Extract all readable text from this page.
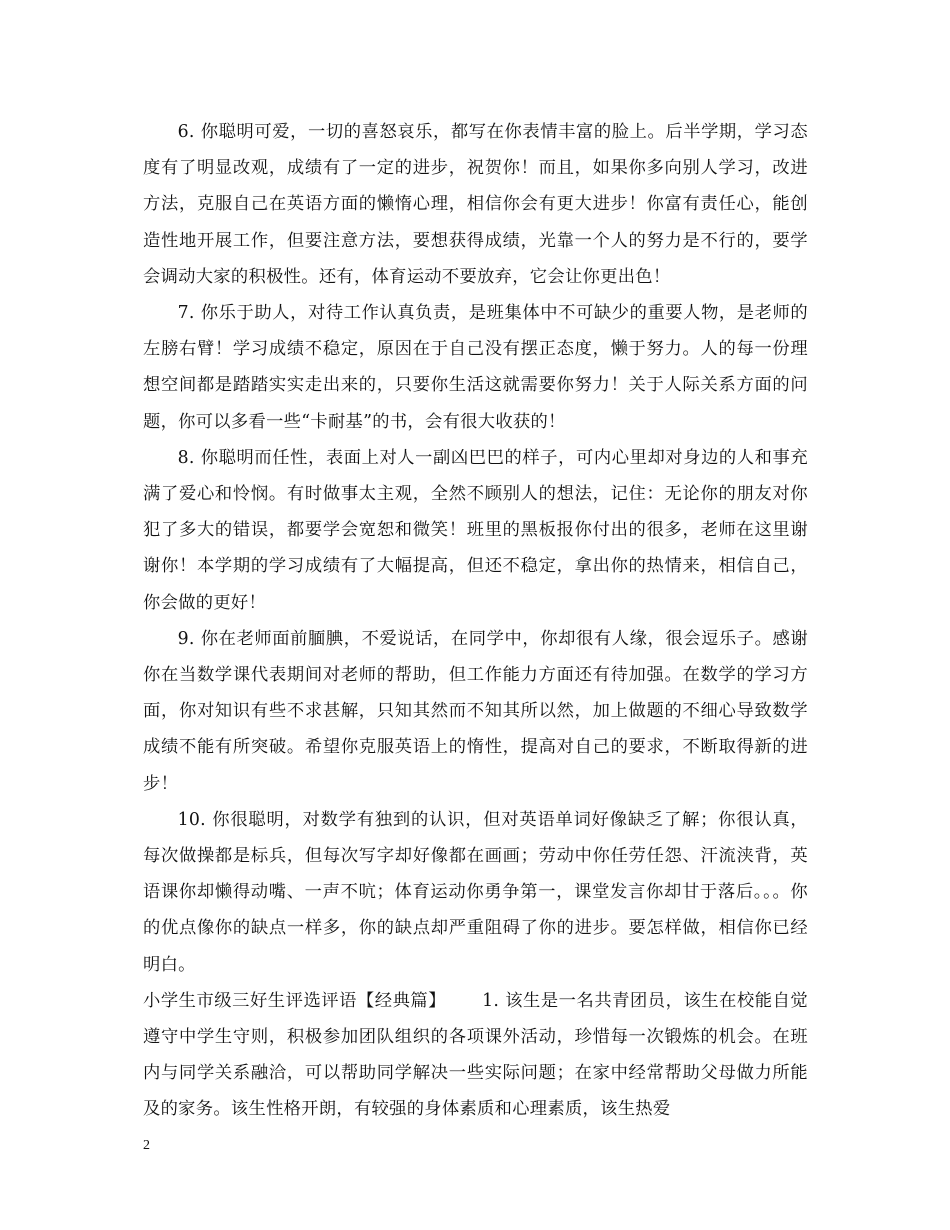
6. 你聪明可爱，一切的喜怒哀乐，都写在你表情丰富的脸上。后半学期，学习态度有了明显改观，成绩有了一定的进步，祝贺你！而且，如果你多向别人学习，改进方法，克服自己在英语方面的懒惰心理，相信你会有更大进步！你富有责任心，能创造性地开展工作，但要注意方法，要想获得成绩，光靠一个人的努力是不行的，要学会调动大家的积极性。还有，体育运动不要放弃，它会让你更出色！

7. 你乐于助人，对待工作认真负责，是班集体中不可缺少的重要人物，是老师的左膀右臂！学习成绩不稳定，原因在于自己没有摆正态度，懒于努力。人的每一份理想空间都是踏踏实实走出来的，只要你生活这就需要你努力！关于人际关系方面的问题，你可以多看一些“卡耐基”的书，会有很大收获的！

8. 你聪明而任性，表面上对人一副凶巴巴的样子，可内心里却对身边的人和事充满了爱心和怜悯。有时做事太主观，全然不顾别人的想法，记住：无论你的朋友对你犯了多大的错误，都要学会宽恕和微笑！班里的黑板报你付出的很多，老师在这里谢谢你！本学期的学习成绩有了大幅提高，但还不稳定，拿出你的热情来，相信自己，你会做的更好！

9. 你在老师面前腼腆，不爱说话，在同学中，你却很有人缘，很会逗乐子。感谢你在当数学课代表期间对老师的帮助，但工作能力方面还有待加强。在数学的学习方面，你对知识有些不求甚解，只知其然而不知其所以然，加上做题的不细心导致数学成绩不能有所突破。希望你克服英语上的惰性，提高对自己的要求，不断取得新的进步！

10. 你很聪明，对数学有独到的认识，但对英语单词好像缺乏了解；你很认真，每次做操都是标兵，但每次写字却好像都在画画；劳动中你任劳任怨、汗流浃背，英语课你却懒得动嘴、一声不吭；体育运动你勇争第一，课堂发言你却甘于落后。。。你的优点像你的缺点一样多，你的缺点却严重阻碍了你的进步。要怎样做，相信你已经明白。

小学生市级三好生评选评语【经典篇】 1. 该生是一名共青团员，该生在校能自觉遵守中学生守则，积极参加团队组织的各项课外活动，珍惜每一次锻炼的机会。在班内与同学关系融洽，可以帮助同学解决一些实际问题；在家中经常帮助父母做力所能及的家务。该生性格开朗，有较强的身体素质和心理素质，该生热爱

2
